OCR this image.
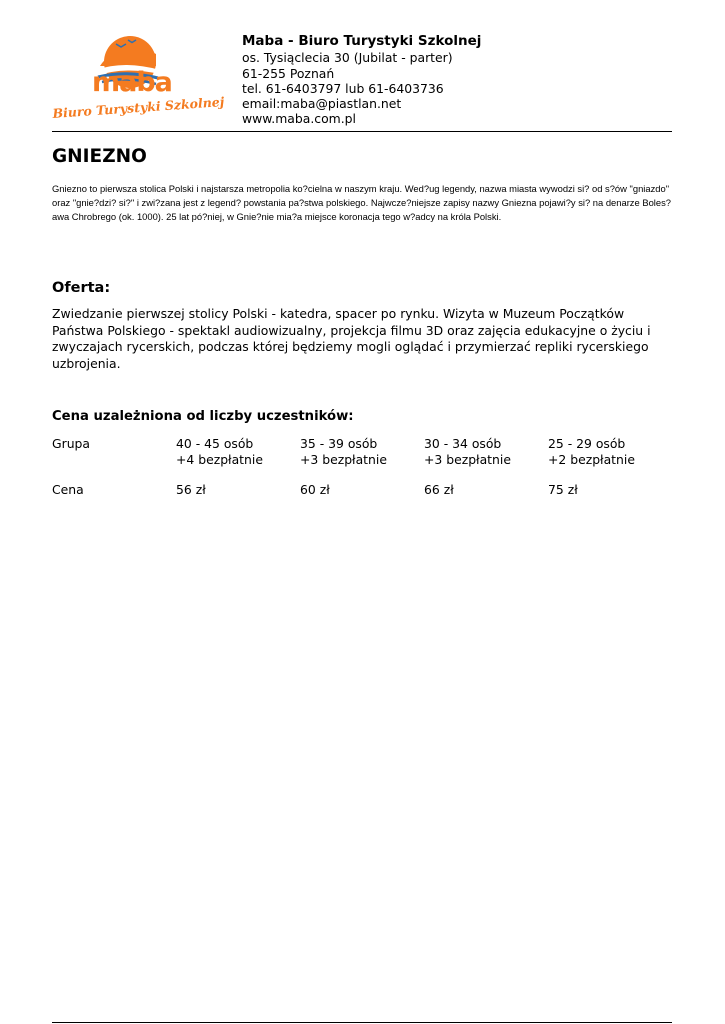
maba
Biuro Turystyki Szkolnej
Maba - Biuro Turystyki Szkolnej
os. Tysiąclecia 30 (Jubilat - parter)
61-255 Poznań
tel. 61-6403797 lub 61-6403736
email:maba@piastlan.net
www.maba.com.pl
GNIEZNO

Gniezno to pierwsza stolica Polski i najstarsza metropolia ko?cielna w naszym kraju. Wed?ug legendy, nazwa miasta wywodzi si? od s?ów "gniazdo" oraz "gnie?dzi? si?" i zwi?zana jest z legend? powstania pa?stwa polskiego. Najwcze?niejsze zapisy nazwy Gniezna pojawi?y si? na denarze Boles?awa Chrobrego (ok. 1000). 25 lat pó?niej, w Gnie?nie mia?a miejsce koronacja tego w?adcy na króla Polski.

Oferta:

Zwiedzanie pierwszej stolicy Polski - katedra, spacer po rynku. Wizyta w Muzeum Początków Państwa Polskiego - spektakl audiowizualny, projekcja filmu 3D oraz zajęcia edukacyjne o życiu i zwyczajach rycerskich, podczas której będziemy mogli oglądać i przymierzać repliki rycerskiego uzbrojenia.

Cena uzależniona od liczby uczestników:
Grupa
Cena
40 - 45 osób
+4 bezpłatnie
56 zł
35 - 39 osób
+3 bezpłatnie
60 zł
30 - 34 osób
+3 bezpłatnie
66 zł
25 - 29 osób
+2 bezpłatnie
75 zł
